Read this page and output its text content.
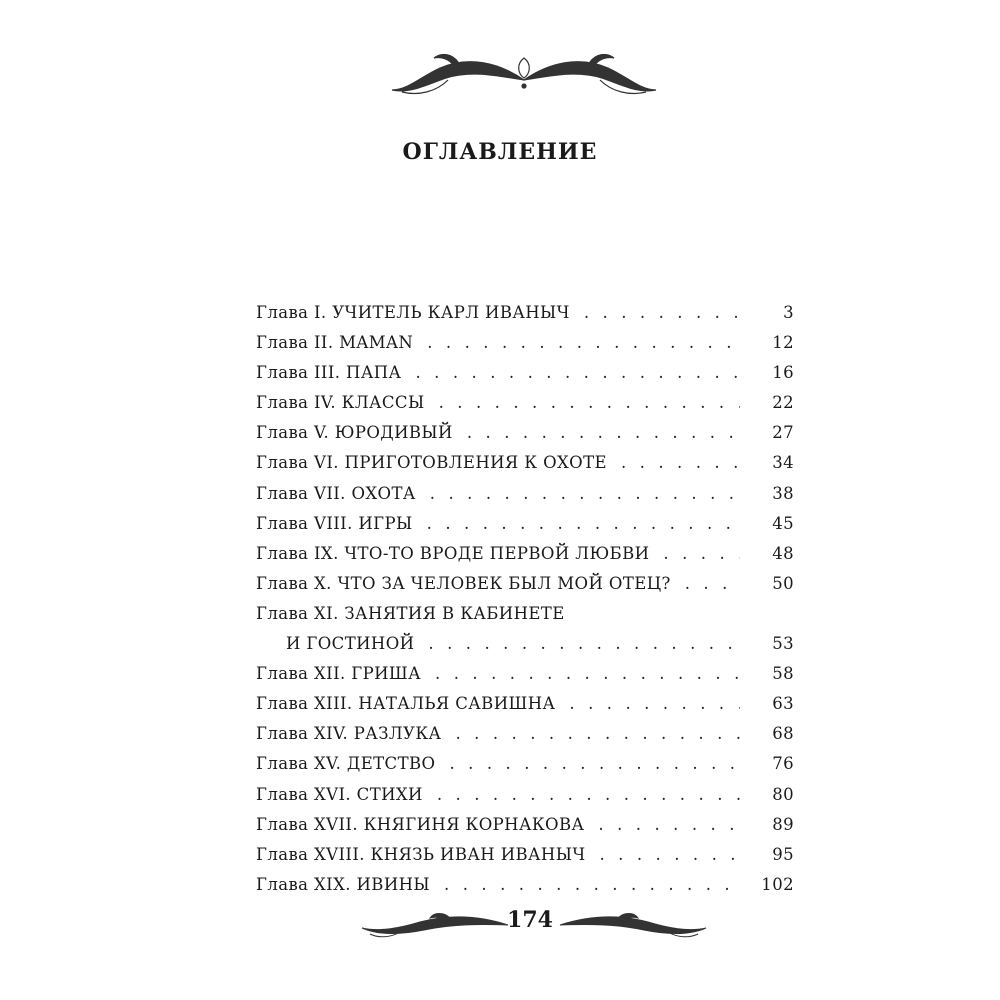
ОГЛАВЛЕНИЕ
Глава I. УЧИТЕЛЬ КАРЛ ИВАНЫЧ . . .	3
Глава II. MAMAN . . .	12
Глава III. ПАПА . . .	16
Глава IV. КЛАССЫ . . .	22
Глава V. ЮРОДИВЫЙ . . .	27
Глава VI. ПРИГОТОВЛЕНИЯ К ОХОТЕ . . .	34
Глава VII. ОХОТА . . .	38
Глава VIII. ИГРЫ . . .	45
Глава IX. ЧТО-ТО ВРОДЕ ПЕРВОЙ ЛЮБВИ . . .	48
Глава X. ЧТО ЗА ЧЕЛОВЕК БЫЛ МОЙ ОТЕЦ? . . .	50
Глава XI. ЗАНЯТИЯ В КАБИНЕТЕ
И ГОСТИНОЙ . . .	53
Глава XII. ГРИША . . .	58
Глава XIII. НАТАЛЬЯ САВИШНА . . .	63
Глава XIV. РАЗЛУКА . . .	68
Глава XV. ДЕТСТВО . . .	76
Глава XVI. СТИХИ . . .	80
Глава XVII. КНЯГИНЯ КОРНАКОВА . . .	89
Глава XVIII. КНЯЗЬ ИВАН ИВАНЫЧ . . .	95
Глава XIX. ИВИНЫ . . .	102
174
